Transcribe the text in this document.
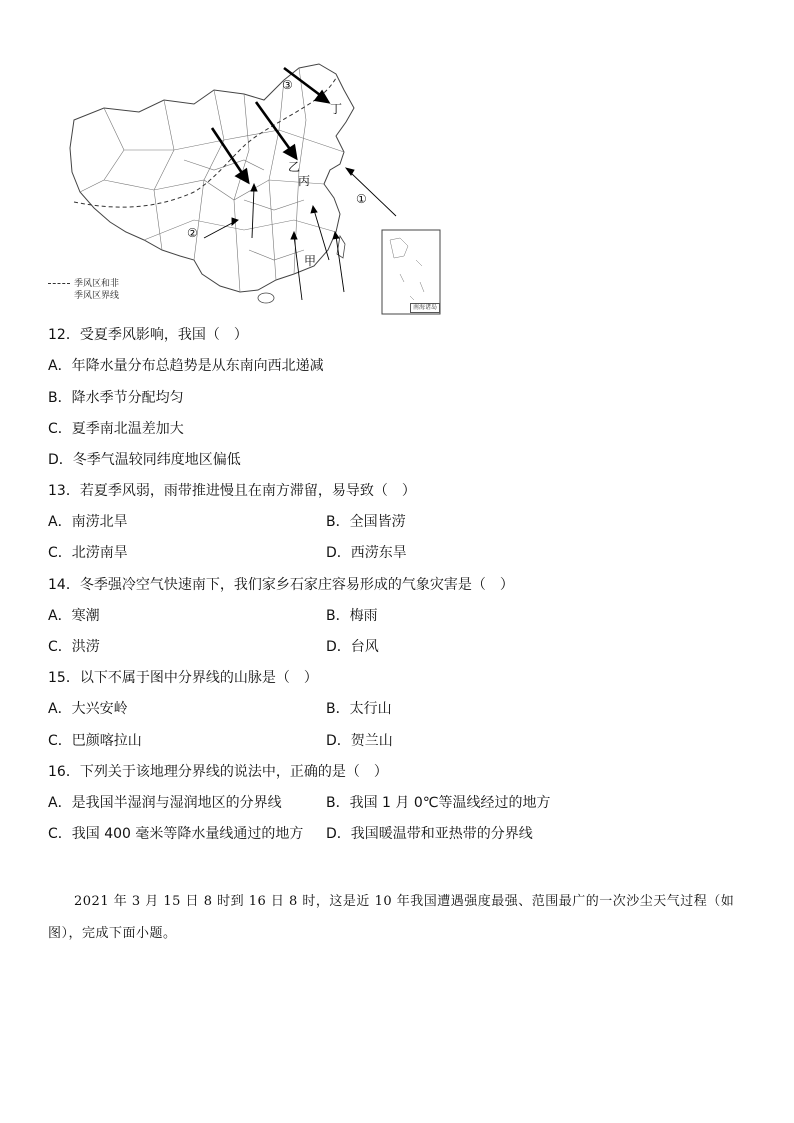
③
丁
丙
乙
①
②
甲
季风区和非
季风区界线
南海诸岛
12．受夏季风影响，我国（　）
A．年降水量分布总趋势是从东南向西北递减
B．降水季节分配均匀
C．夏季南北温差加大
D．冬季气温较同纬度地区偏低
13．若夏季风弱，雨带推进慢且在南方滞留，易导致（　）
A．南涝北旱	B．全国皆涝
C．北涝南旱	D．西涝东旱
14．冬季强冷空气快速南下，我们家乡石家庄容易形成的气象灾害是（　）
A．寒潮	B．梅雨
C．洪涝	D．台风
15．以下不属于图中分界线的山脉是（　）
A．大兴安岭	B．太行山
C．巴颜喀拉山	D．贺兰山
16．下列关于该地理分界线的说法中，正确的是（　）
A．是我国半湿润与湿润地区的分界线	B．我国 1 月 0℃等温线经过的地方
C．我国 400 毫米等降水量线通过的地方 D．我国暖温带和亚热带的分界线
2021 年 3 月 15 日 8 时到 16 日 8 时，这是近 10 年我国遭遇强度最强、范围最广的一次沙尘天气过程（如图），完成下面小题。
